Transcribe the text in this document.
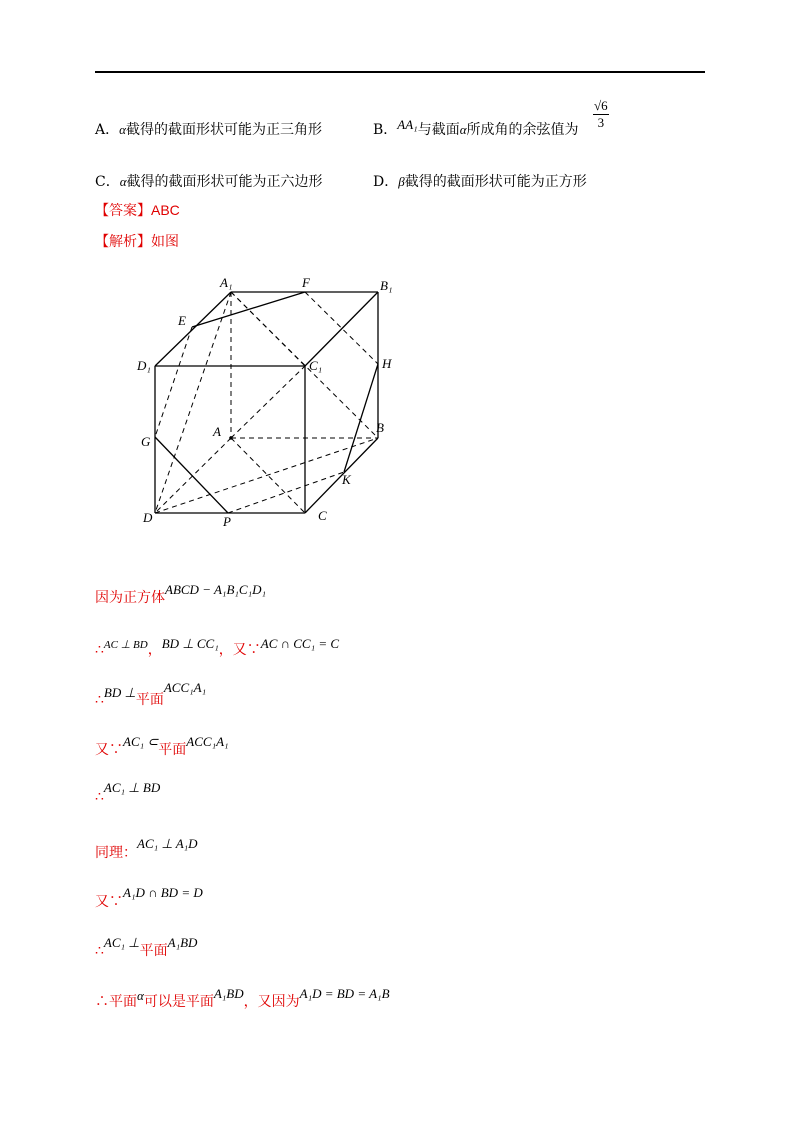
A．α截得的截面形状可能为正三角形	B．AA₁与截面α所成角的余弦值为 $\frac{√6}{3}$
C．α截得的截面形状可能为正六边形	D．β截得的截面形状可能为正方形
【答案】ABC
【解析】如图
A₁	F	B₁
E
D₁	C₁	H
A	B
G
K
D	P	C
因为正方体ABCD − A₁B₁C₁D₁
∴$^{AC \perp BD}$，BD ⊥ CC₁，又∵AC ∩ CC₁ = C
∴BD ⊥平面ACC₁A₁
又∵AC₁ ⊂平面ACC₁A₁
∴AC₁ ⊥ BD
同理：AC₁ ⊥ A₁D
又∵A₁D ∩ BD = D
∴AC₁ ⊥平面A₁BD
∴平面α可以是平面A₁BD，又因为A₁D = BD = A₁B
